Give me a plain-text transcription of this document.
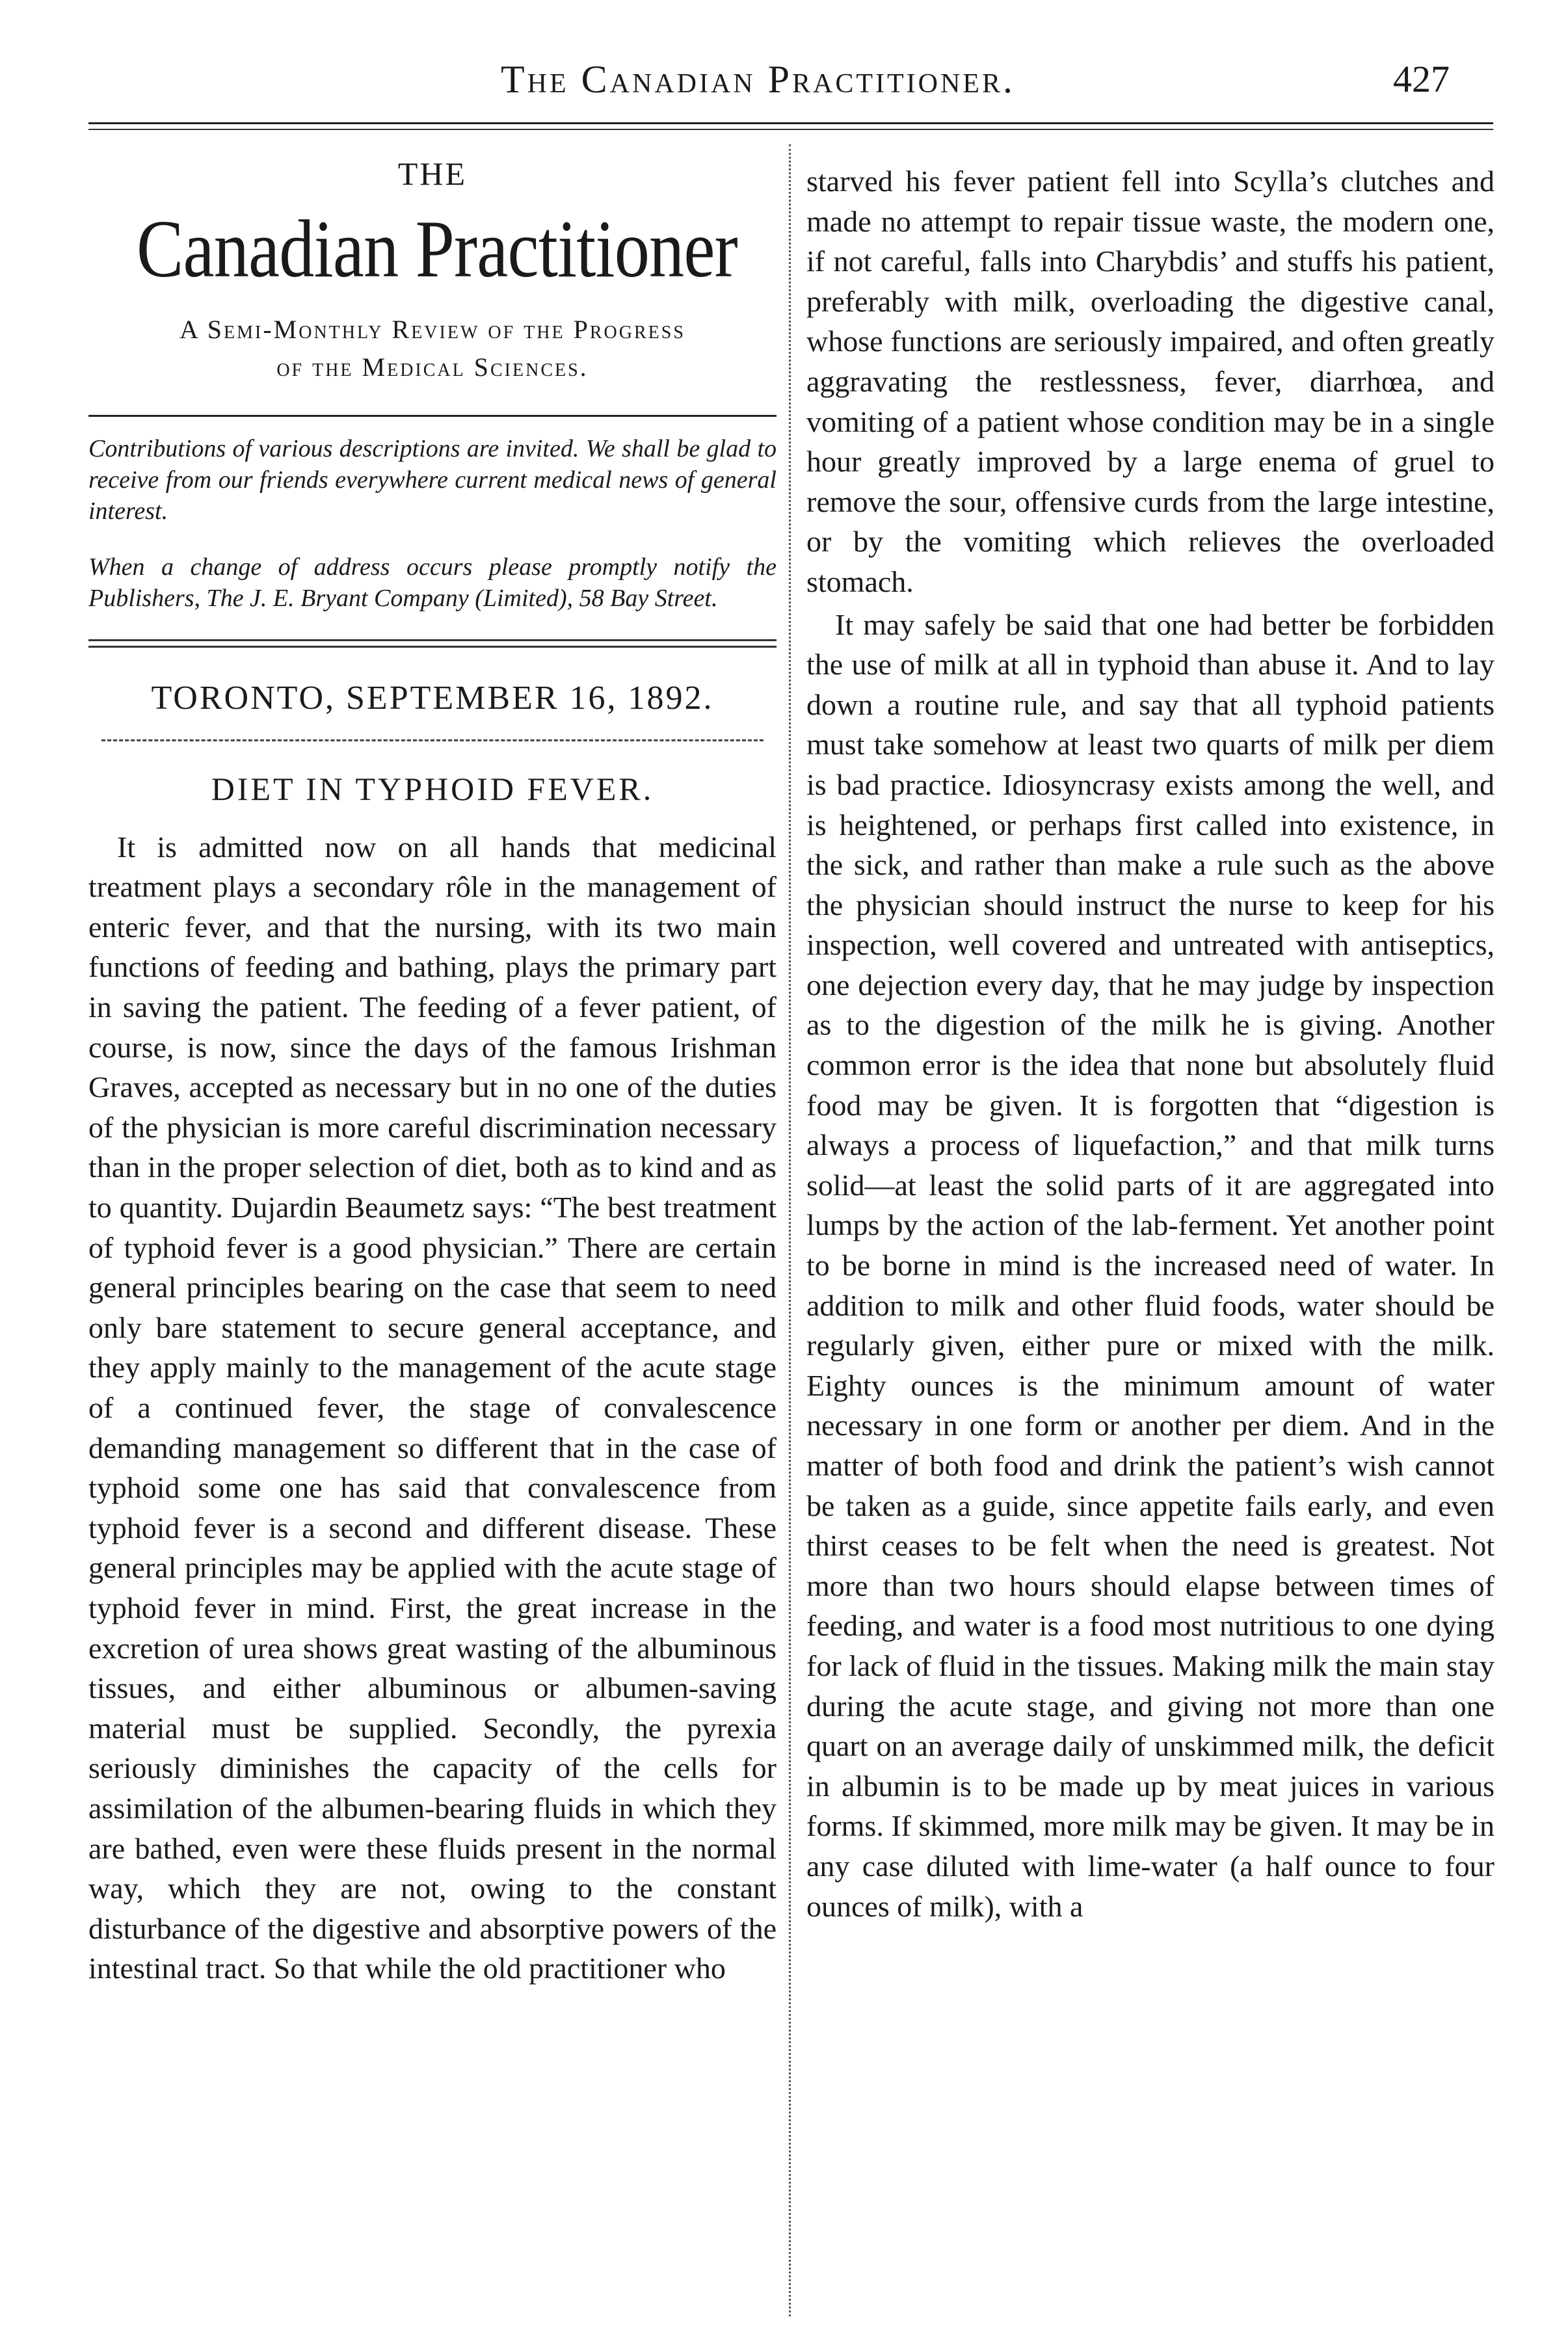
The Canadian Practitioner.	427
THE
Canadian Practitioner
A Semi-Monthly Review of the Progress
of the Medical Sciences.

Contributions of various descriptions are invited. We shall be glad to receive from our friends everywhere current medical news of general interest.

When a change of address occurs please promptly notify the Publishers, The J. E. Bryant Company (Limited), 58 Bay Street.

TORONTO, SEPTEMBER 16, 1892.
DIET IN TYPHOID FEVER.

It is admitted now on all hands that medicinal treatment plays a secondary rôle in the management of enteric fever, and that the nursing, with its two main functions of feeding and bathing, plays the primary part in saving the patient. The feeding of a fever patient, of course, is now, since the days of the famous Irishman Graves, accepted as necessary but in no one of the duties of the physician is more careful discrimination necessary than in the proper selection of diet, both as to kind and as to quantity. Dujardin Beaumetz says: “The best treatment of typhoid fever is a good physician.” There are certain general principles bearing on the case that seem to need only bare statement to secure general acceptance, and they apply mainly to the management of the acute stage of a continued fever, the stage of convalescence demanding management so different that in the case of typhoid some one has said that convalescence from typhoid fever is a second and different disease. These general principles may be applied with the acute stage of typhoid fever in mind. First, the great increase in the excretion of urea shows great wasting of the albuminous tissues, and either albuminous or albumen-saving material must be supplied. Secondly, the pyrexia seriously diminishes the capacity of the cells for assimilation of the albumen-bearing fluids in which they are bathed, even were these fluids present in the normal way, which they are not, owing to the constant disturbance of the digestive and absorptive powers of the intestinal tract. So that while the old practitioner who

starved his fever patient fell into Scylla’s clutches and made no attempt to repair tissue waste, the modern one, if not careful, falls into Charybdis’ and stuffs his patient, preferably with milk, overloading the digestive canal, whose functions are seriously impaired, and often greatly aggravating the restlessness, fever, diarrhœa, and vomiting of a patient whose condition may be in a single hour greatly improved by a large enema of gruel to remove the sour, offensive curds from the large intestine, or by the vomiting which relieves the overloaded stomach.

It may safely be said that one had better be forbidden the use of milk at all in typhoid than abuse it. And to lay down a routine rule, and say that all typhoid patients must take somehow at least two quarts of milk per diem is bad practice. Idiosyncrasy exists among the well, and is heightened, or perhaps first called into existence, in the sick, and rather than make a rule such as the above the physician should instruct the nurse to keep for his inspection, well covered and untreated with antiseptics, one dejection every day, that he may judge by inspection as to the digestion of the milk he is giving. Another common error is the idea that none but absolutely fluid food may be given. It is forgotten that “digestion is always a process of liquefaction,” and that milk turns solid—at least the solid parts of it are aggregated into lumps by the action of the lab-ferment. Yet another point to be borne in mind is the increased need of water. In addition to milk and other fluid foods, water should be regularly given, either pure or mixed with the milk. Eighty ounces is the minimum amount of water necessary in one form or another per diem. And in the matter of both food and drink the patient’s wish cannot be taken as a guide, since appetite fails early, and even thirst ceases to be felt when the need is greatest. Not more than two hours should elapse between times of feeding, and water is a food most nutritious to one dying for lack of fluid in the tissues. Making milk the main stay during the acute stage, and giving not more than one quart on an average daily of unskimmed milk, the deficit in albumin is to be made up by meat juices in various forms. If skimmed, more milk may be given. It may be in any case diluted with lime-water (a half ounce to four ounces of milk), with a
